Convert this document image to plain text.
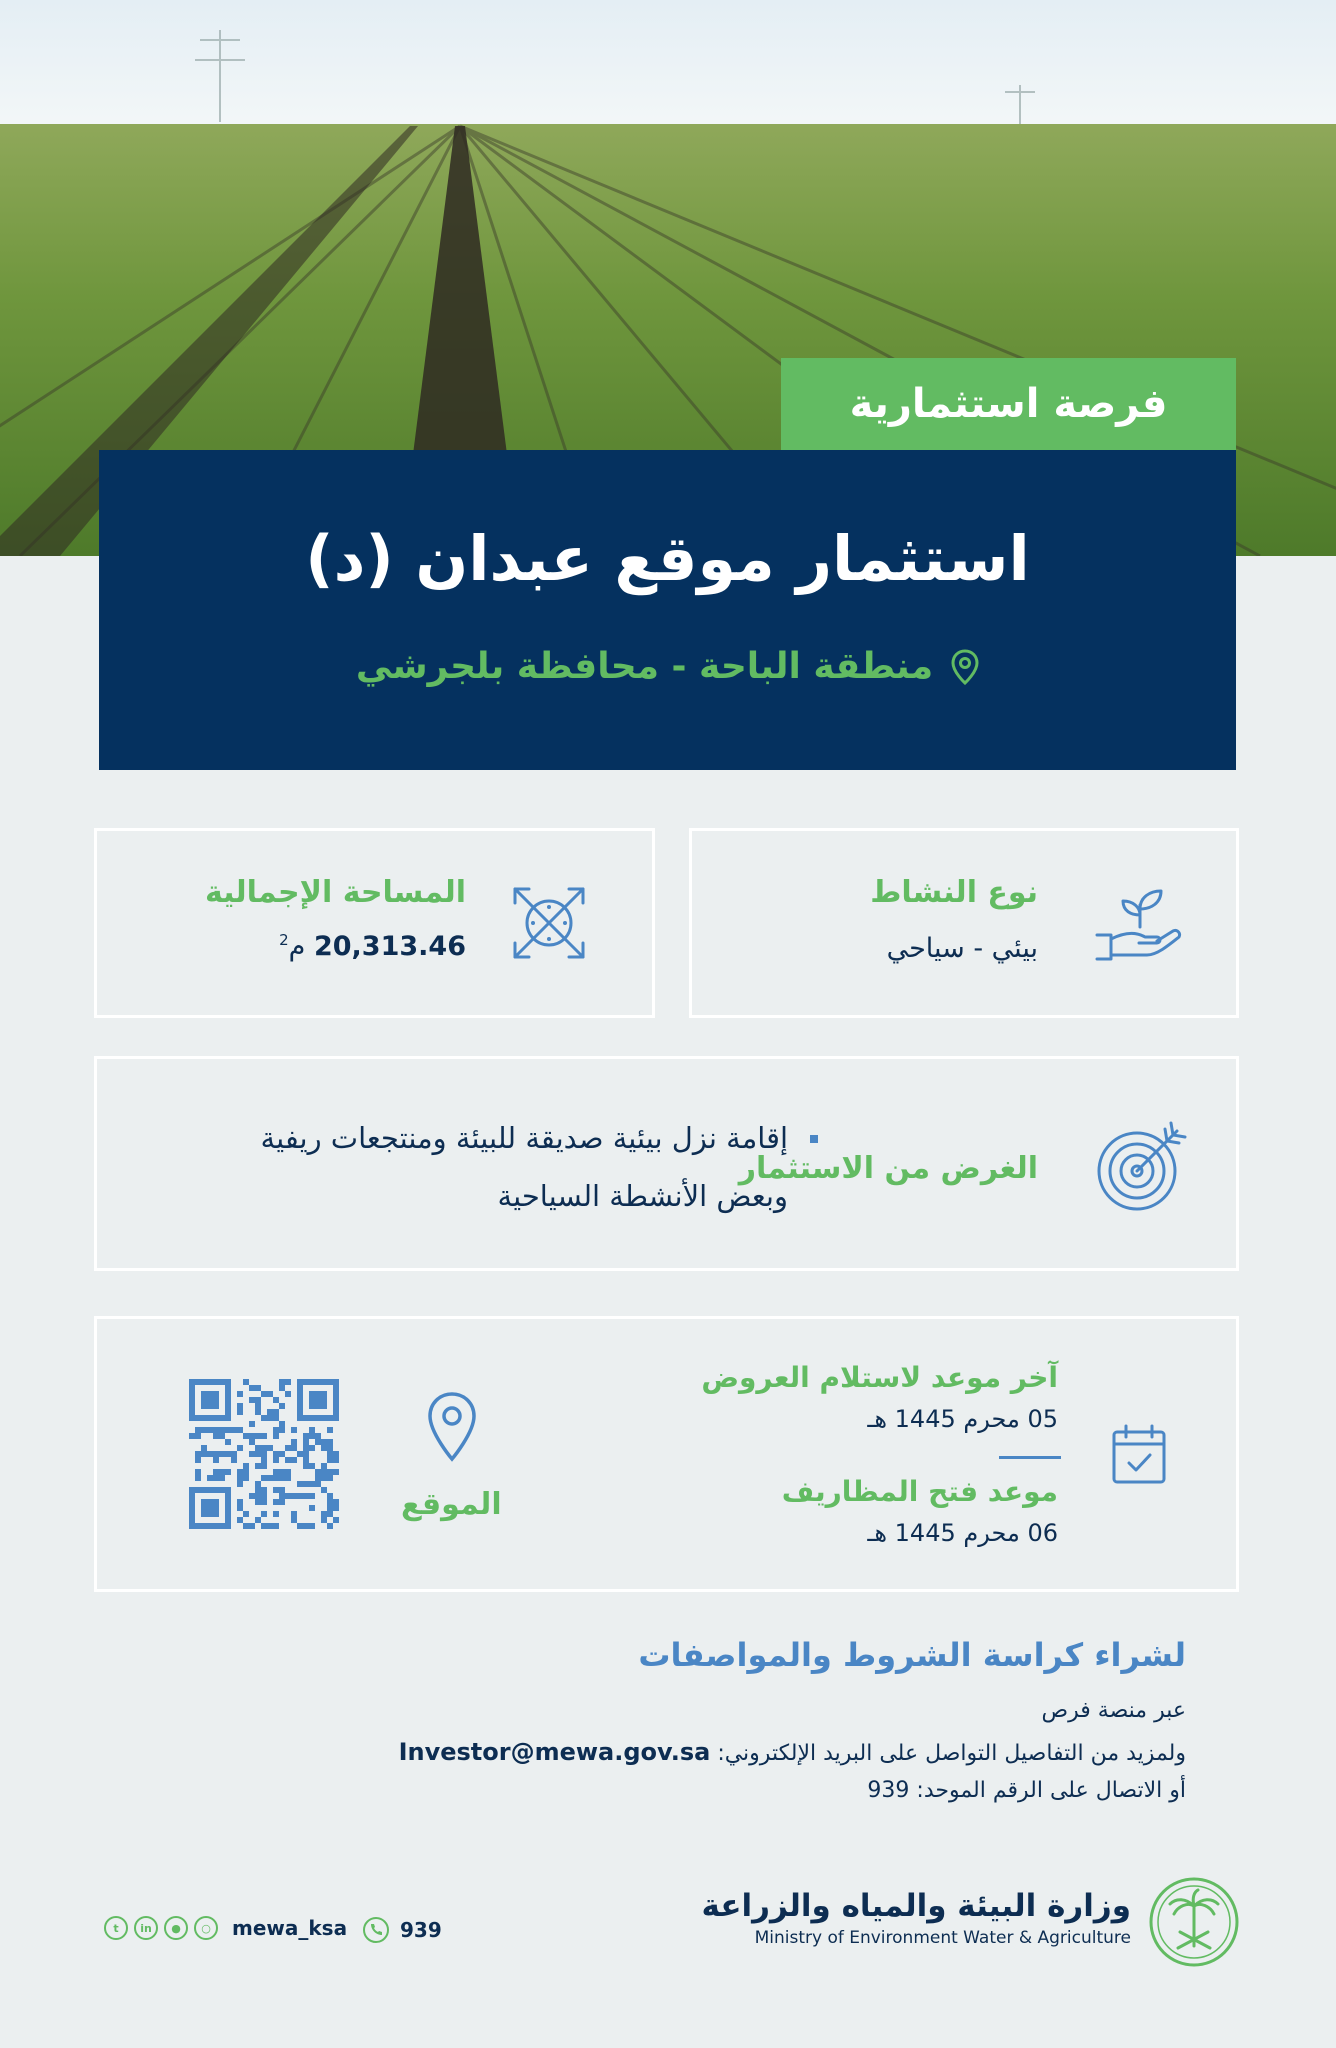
فرصة استثمارية
استثمار موقع عبدان (د)
منطقة الباحة - محافظة بلجرشي
نوع النشاط
بيئي - سياحي
المساحة الإجمالية
20,313.46 م$^2$
الغرض من الاستثمار
إقامة نزل بيئية صديقة للبيئة ومنتجعات ريفية وبعض الأنشطة السياحية
آخر موعد لاستلام العروض
05 محرم 1445 هـ
موعد فتح المظاريف
06 محرم 1445 هـ
الموقع
لشراء كراسة الشروط والمواصفات
عبر منصة فرص
ولمزيد من التفاصيل التواصل على البريد الإلكتروني: Investor@mewa.gov.sa
أو الاتصال على الرقم الموحد: 939
وزارة البيئة والمياه والزراعة
Ministry of Environment Water & Agriculture
t	in	●	○	mewa_ksa	939
